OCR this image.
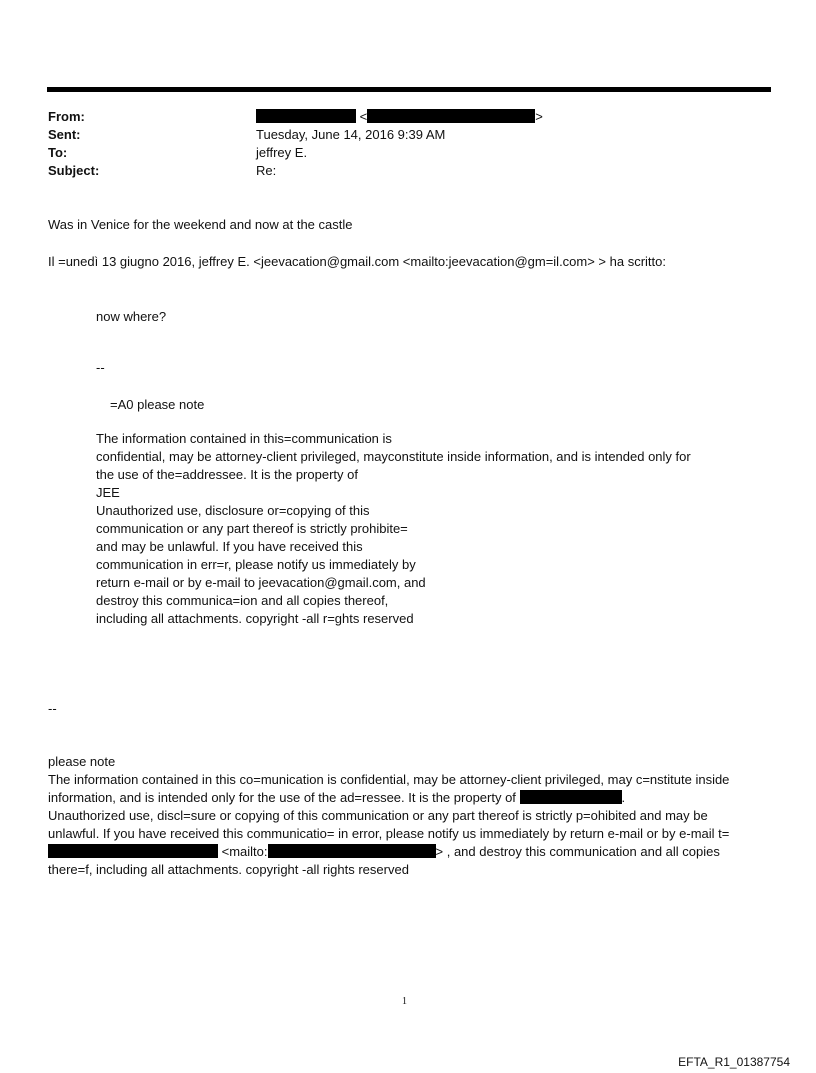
From:	<	>
Sent:	Tuesday, June 14, 2016 9:39 AM
To:	jeffrey E.
Subject:	Re:
Was in Venice for the weekend and now at the castle
Il =unedì 13 giugno 2016, jeffrey E. <jeevacation@gmail.com <mailto:jeevacation@gm=il.com> > ha scritto:
now where?
--
=A0 please note
The information contained in this=communication is
confidential, may be attorney-client privileged, mayconstitute inside information, and is intended only for
the use of the=addressee. It is the property of
JEE
Unauthorized use, disclosure or=copying of this
communication or any part thereof is strictly prohibite=
and may be unlawful. If you have received this
communication in err=r, please notify us immediately by
return e-mail or by e-mail to jeevacation@gmail.com, and
destroy this communica=ion and all copies thereof,
including all attachments. copyright -all r=ghts reserved
--
please note
The information contained in this co=munication is confidential, may be attorney-client privileged, may c=nstitute inside
information, and is intended only for the use of the ad=ressee. It is the property of	.
Unauthorized use, discl=sure or copying of this communication or any part thereof is strictly p=ohibited and may be
unlawful. If you have received this communicatio= in error, please notify us immediately by return e-mail or by e-mail t=
<mailto:	> , and destroy this communication and all copies
there=f, including all attachments. copyright -all rights reserved
1
EFTA_R1_01387754
